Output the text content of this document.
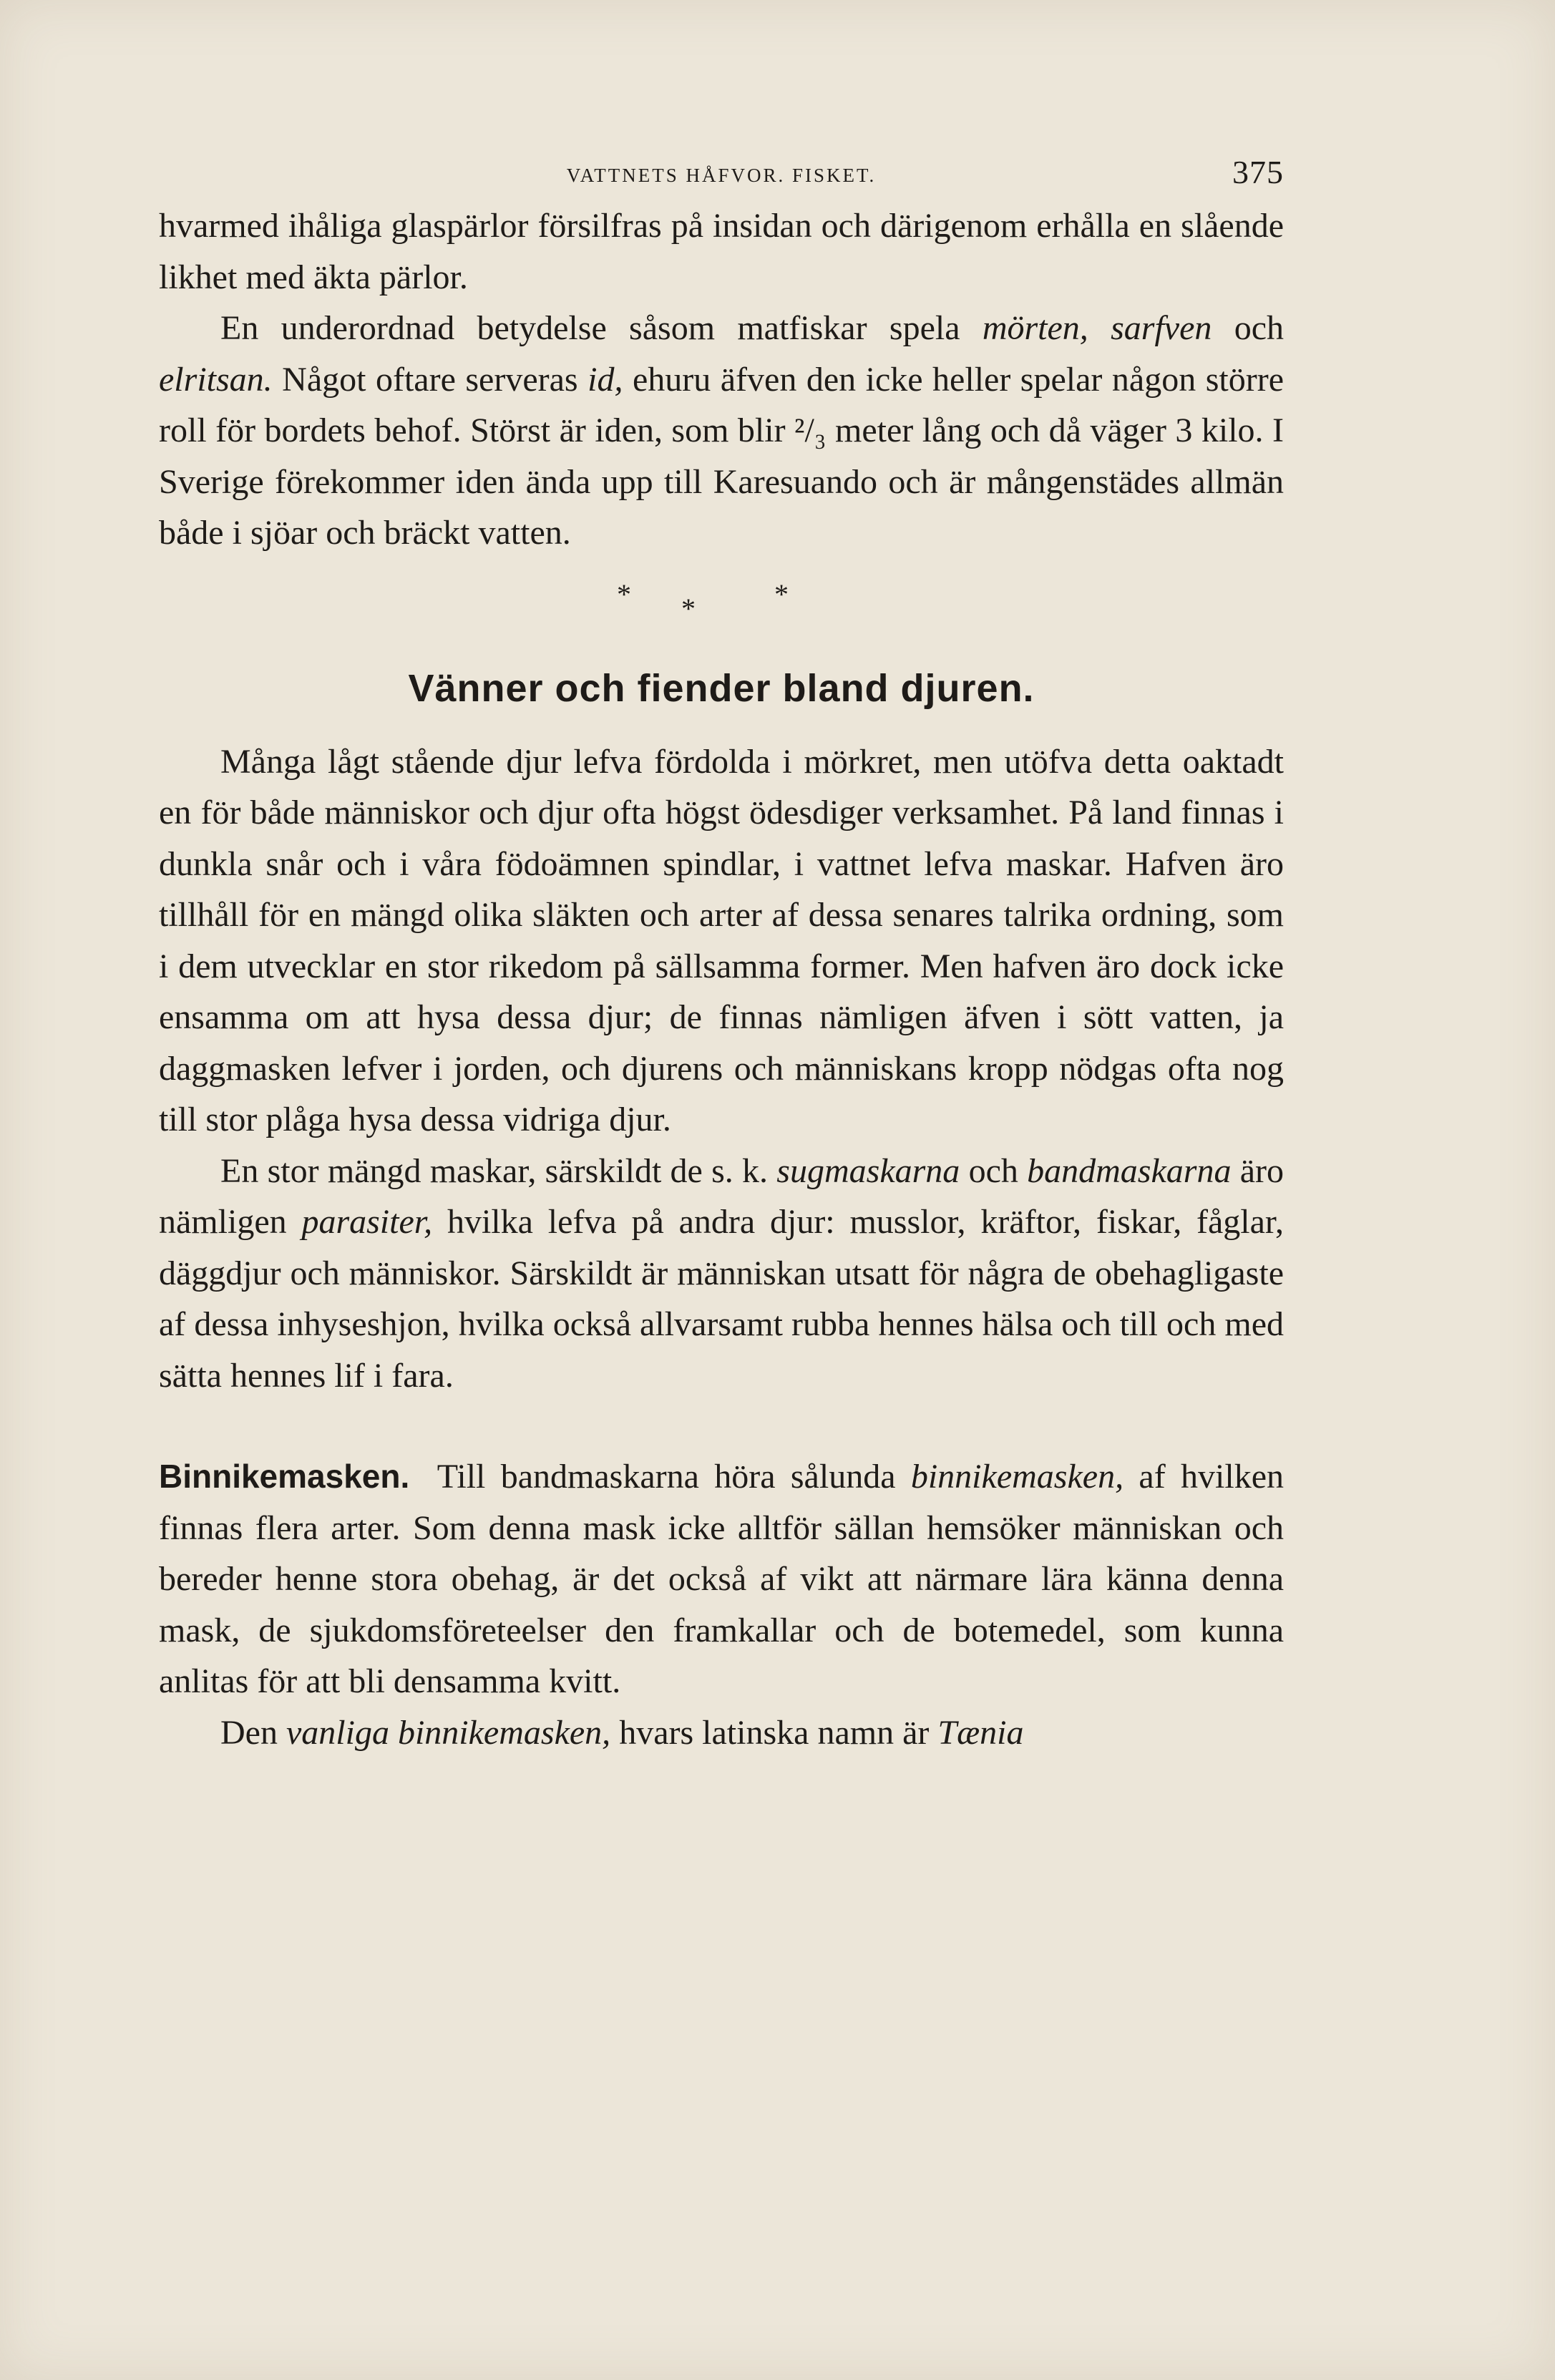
VATTNETS HÅFVOR. FISKET.	375

hvarmed ihåliga glaspärlor försilfras på insidan och därigenom erhålla en slående likhet med äkta pärlor.

En underordnad betydelse såsom matfiskar spela mörten, sarfven och elritsan. Något oftare serveras id, ehuru äfven den icke heller spelar någon större roll för bordets behof. Störst är iden, som blir ²/₃ meter lång och då väger 3 kilo. I Sverige förekommer iden ända upp till Karesuando och är mångenstädes allmän både i sjöar och bräckt vatten.

* * *
Vänner och fiender bland djuren.

Många lågt stående djur lefva fördolda i mörkret, men utöfva detta oaktadt en för både människor och djur ofta högst ödesdiger verksamhet. På land finnas i dunkla snår och i våra födoämnen spindlar, i vattnet lefva maskar. Hafven äro tillhåll för en mängd olika släkten och arter af dessa senares talrika ordning, som i dem utvecklar en stor rikedom på sällsamma former. Men hafven äro dock icke ensamma om att hysa dessa djur; de finnas nämligen äfven i sött vatten, ja daggmasken lefver i jorden, och djurens och människans kropp nödgas ofta nog till stor plåga hysa dessa vidriga djur.

En stor mängd maskar, särskildt de s. k. sugmaskarna och bandmaskarna äro nämligen parasiter, hvilka lefva på andra djur: musslor, kräftor, fiskar, fåglar, däggdjur och människor. Särskildt är människan utsatt för några de obehagligaste af dessa inhyseshjon, hvilka också allvarsamt rubba hennes hälsa och till och med sätta hennes lif i fara.

Binnikemasken. Till bandmaskarna höra sålunda binnikemasken, af hvilken finnas flera arter. Som denna mask icke alltför sällan hemsöker människan och bereder henne stora obehag, är det också af vikt att närmare lära känna denna mask, de sjukdomsföreteelser den framkallar och de botemedel, som kunna anlitas för att bli densamma kvitt.

Den vanliga binnikemasken, hvars latinska namn är Tænia
